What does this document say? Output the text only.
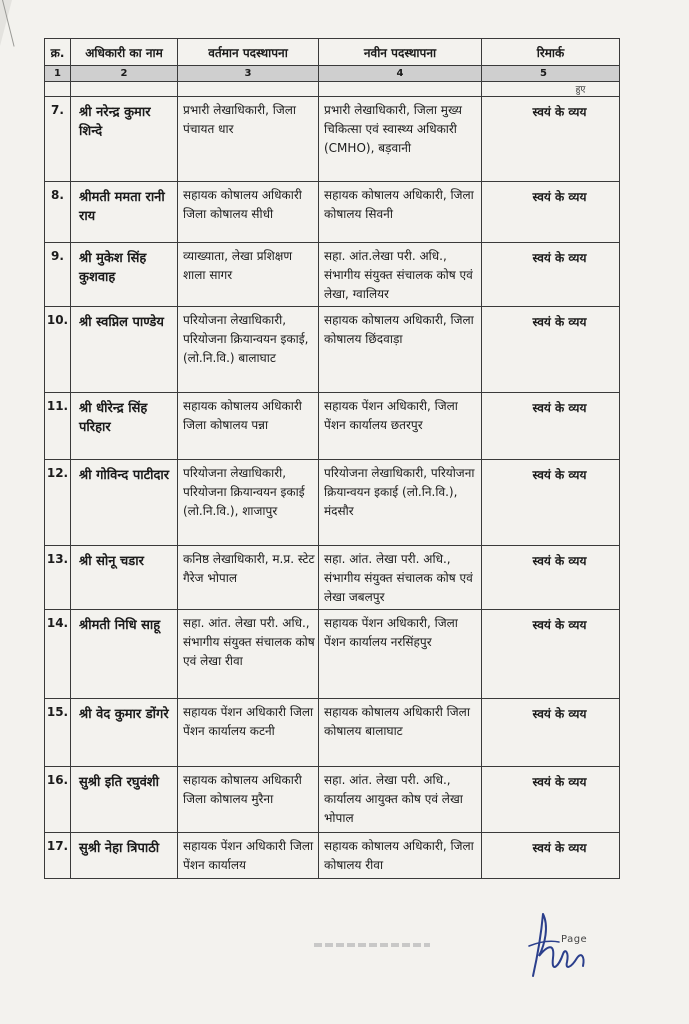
क्र.	अधिकारी का नाम	वर्तमान पदस्थापना	नवीन पदस्थापना	रिमार्क
1	2	3	4	5
				हुए
7.	श्री नरेन्द्र कुमार शिन्दे	प्रभारी लेखाधिकारी, जिला पंचायत धार	प्रभारी लेखाधिकारी, जिला मुख्य चिकित्सा एवं स्वास्थ्य अधिकारी (CMHO), बड़वानी	स्वयं के व्यय
8.	श्रीमती ममता रानी राय	सहायक कोषालय अधिकारी जिला कोषालय सीधी	सहायक कोषालय अधिकारी, जिला कोषालय सिवनी	स्वयं के व्यय
9.	श्री मुकेश सिंह कुशवाह	व्याख्याता, लेखा प्रशिक्षण शाला सागर	सहा. आंत.लेखा परी. अधि., संभागीय संयुक्त संचालक कोष एवं लेखा, ग्वालियर	स्वयं के व्यय
10.	श्री स्वप्निल पाण्डेय	परियोजना लेखाधिकारी, परियोजना क्रियान्वयन इकाई, (लो.नि.वि.) बालाघाट	सहायक कोषालय अधिकारी, जिला कोषालय छिंदवाड़ा	स्वयं के व्यय
11.	श्री धीरेन्द्र सिंह परिहार	सहायक कोषालय अधिकारी जिला कोषालय पन्ना	सहायक पेंशन अधिकारी, जिला पेंशन कार्यालय छतरपुर	स्वयं के व्यय
12.	श्री गोविन्द पाटीदार	परियोजना लेखाधिकारी, परियोजना क्रियान्वयन इकाई (लो.नि.वि.), शाजापुर	परियोजना लेखाधिकारी, परियोजना क्रियान्वयन इकाई (लो.नि.वि.), मंदसौर	स्वयं के व्यय
13.	श्री सोनू चडार	कनिष्ठ लेखाधिकारी, म.प्र. स्टेट गैरेज भोपाल	सहा. आंत. लेखा परी. अधि., संभागीय संयुक्त संचालक कोष एवं लेखा जबलपुर	स्वयं के व्यय
14.	श्रीमती निधि साहू	सहा. आंत. लेखा परी. अधि., संभागीय संयुक्त संचालक कोष एवं लेखा रीवा	सहायक पेंशन अधिकारी, जिला पेंशन कार्यालय नरसिंहपुर	स्वयं के व्यय
15.	श्री वेद कुमार डोंगरे	सहायक पेंशन अधिकारी जिला पेंशन कार्यालय कटनी	सहायक कोषालय अधिकारी जिला कोषालय बालाघाट	स्वयं के व्यय
16.	सुश्री इति रघुवंशी	सहायक कोषालय अधिकारी जिला कोषालय मुरैना	सहा. आंत. लेखा परी. अधि., कार्यालय आयुक्त कोष एवं लेखा भोपाल	स्वयं के व्यय
17.	सुश्री नेहा त्रिपाठी	सहायक पेंशन अधिकारी जिला पेंशन कार्यालय	सहायक कोषालय अधिकारी, जिला कोषालय रीवा	स्वयं के व्यय
Page
